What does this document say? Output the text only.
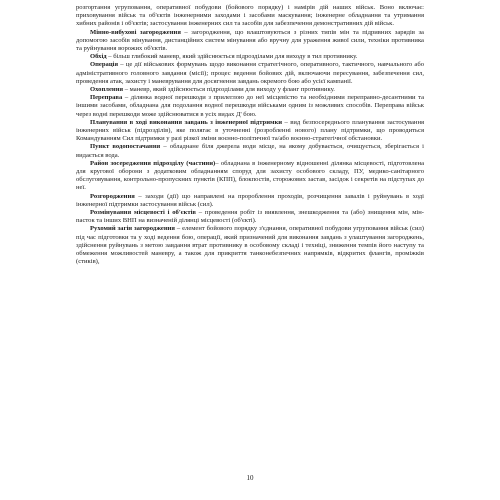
розгортання угруповання, оперативної побудови (бойового порядку) і намірів дій наших військ. Воно включає: приховування військ та об'єктів інженерними заходами і засобами маскування; інженерне обладнання та утримання хибних районів і об'єктів; застосування інженерних сил та засобів для забезпечення демонстративних дій військ.

Мінно-вибухові загородження – загородження, що влаштовуються з різних типів мін та підривних зарядів за допомогою засобів мінування, дистанційних систем мінування або вручну для ураження живої сили, техніки противника та руйнування ворожих об'єктів.

Обхід – більш глибокий маневр, який здійснюється підрозділами для виходу в тил противнику.

Операція – це дії військових формувань щодо виконання стратегічного, оперативного, тактичного, навчального або адміністративного головного завдання (місії); процес ведення бойових дій, включаючи пересування, забезпечення сил, проведення атак, захисту і маневрування для досягнення завдань окремого бою або усієї кампанії.

Охоплення – маневр, який здійснюється підрозділами для виходу у фланг противнику.

Переправа – ділянка водної перешкоди з прилеглою до неї місцевістю та необхідними переправно-десантними та іншими засобами, обладнана для подолання водної перешкоди військами одним із можливих способів. Переправа військ через водні перешкоди може здійснюватися в усіх видах Д' бою.

Планування в ході виконання завдань з інженерної підтримки – вид безпосереднього планування застосування інженерних військ (підрозділів), яке полягає в уточненні (розробленні нового) плану підтримки, що проводиться Командуванням Сил підтримки у разі різкої зміни воєнно-політичної та/або воєнно-стратегічної обстановки.

Пункт водопостачання – обладнане біля джерела води місце, на якому добувається, очищується, зберігається і видається вода.

Район зосередження підрозділу (частини)– обладнана в інженерному відношенні ділянка місцевості, підготовлена для кругової оборони з додатковим обладнанням споруд для захисту особового складу, ПУ, медико-санітарного обслуговування, контрольно-пропускних пунктів (КПП), блокпостів, сторожових застав, засідок і секретів на підступах до неї.

Розгородження – заходи (дії) що направлені на пророблення проходів, розчищення завалів і руйнувань в ході інженерної підтримки застосування військ (сил).

Розмінування місцевості і об'єктів – проведення робіт із виявлення, знешкодження та (або) знищення мін, мін-пасток та інших ВНП на визначеній ділянці місцевості (об'єкті).

Рухомий загін загородження – елемент бойового порядку з'єднання, оперативної побудови угруповання військ (сил) під час підготовки та у ході ведення бою, операції, який призначений для виконання завдань з улаштування загороджень, здійснення руйнувань з метою завдання втрат противнику в особовому складі і техніці, зниження темпів його наступу та обмеження можливостей маневру, а також для прикриття танконебезпечних напрямків, відкритих флангів, проміжків (стиків),

10
